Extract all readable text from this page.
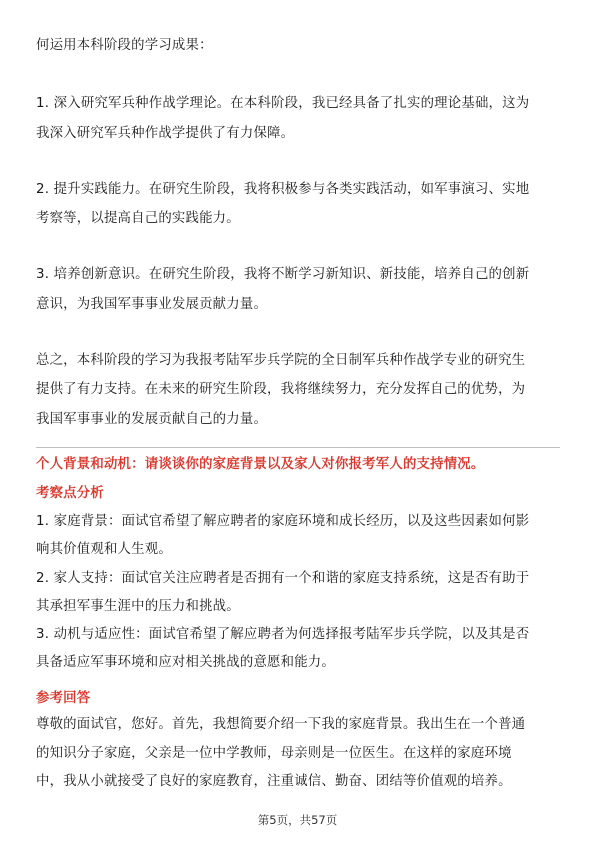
何运用本科阶段的学习成果：
1. 深入研究军兵种作战学理论。在本科阶段，我已经具备了扎实的理论基础，这为
我深入研究军兵种作战学提供了有力保障。
2. 提升实践能力。在研究生阶段，我将积极参与各类实践活动，如军事演习、实地
考察等，以提高自己的实践能力。
3. 培养创新意识。在研究生阶段，我将不断学习新知识、新技能，培养自己的创新
意识，为我国军事事业发展贡献力量。
总之，本科阶段的学习为我报考陆军步兵学院的全日制军兵种作战学专业的研究生
提供了有力支持。在未来的研究生阶段，我将继续努力，充分发挥自己的优势，为
我国军事事业的发展贡献自己的力量。
个人背景和动机：请谈谈你的家庭背景以及家人对你报考军人的支持情况。
考察点分析
1. 家庭背景：面试官希望了解应聘者的家庭环境和成长经历，以及这些因素如何影
响其价值观和人生观。
2. 家人支持：面试官关注应聘者是否拥有一个和谐的家庭支持系统，这是否有助于
其承担军事生涯中的压力和挑战。
3. 动机与适应性：面试官希望了解应聘者为何选择报考陆军步兵学院，以及其是否
具备适应军事环境和应对相关挑战的意愿和能力。
参考回答
尊敬的面试官，您好。首先，我想简要介绍一下我的家庭背景。我出生在一个普通
的知识分子家庭，父亲是一位中学教师，母亲则是一位医生。在这样的家庭环境
中，我从小就接受了良好的家庭教育，注重诚信、勤奋、团结等价值观的培养。
第5页，共57页
